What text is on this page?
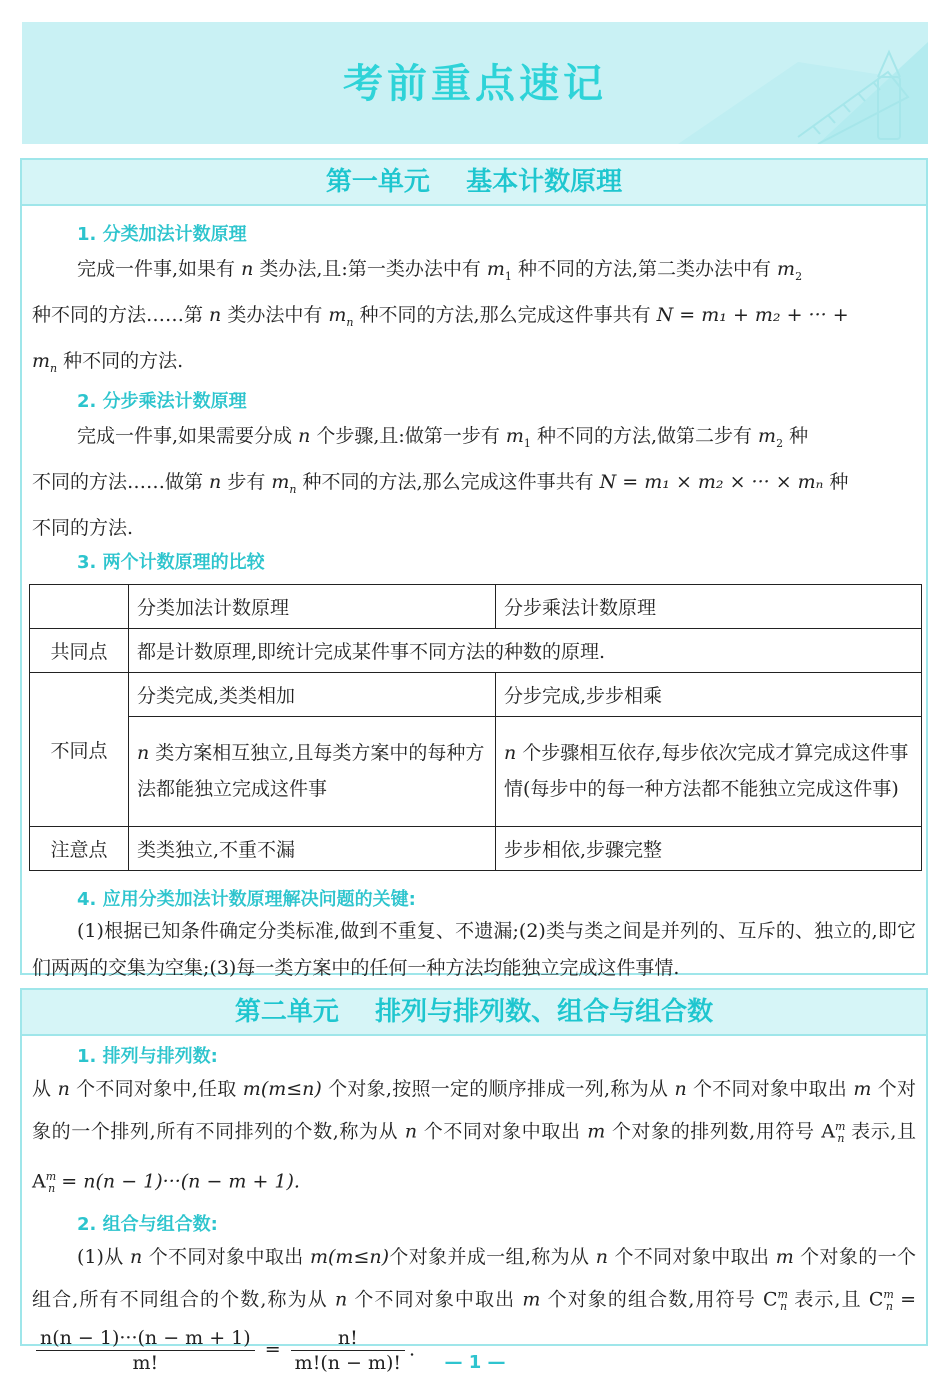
考前重点速记
第一单元    基本计数原理
1. 分类加法计数原理
完成一件事,如果有 n 类办法,且:第一类办法中有 $m_1$ 种不同的方法,第二类办法中有 $m_2$
种不同的方法……第 n 类办法中有 $m_n$ 种不同的方法,那么完成这件事共有 N = m₁ + m₂ + ··· +
$m_n$ 种不同的方法.
2. 分步乘法计数原理
完成一件事,如果需要分成 n 个步骤,且:做第一步有 $m_1$ 种不同的方法,做第二步有 $m_2$ 种
不同的方法……做第 n 步有 $m_n$ 种不同的方法,那么完成这件事共有 N = m₁ × m₂ × ··· × mₙ 种
不同的方法.
3. 两个计数原理的比较
	分类加法计数原理	分步乘法计数原理
共同点	都是计数原理,即统计完成某件事不同方法的种数的原理.	
不同点	分类完成,类类相加	分步完成,步步相乘
	n 类方案相互独立,且每类方案中的每种方法都能独立完成这件事	n 个步骤相互依存,每步依次完成才算完成这件事情(每步中的每一种方法都不能独立完成这件事)
注意点	类类独立,不重不漏	步步相依,步骤完整
4. 应用分类加法计数原理解决问题的关键:
(1)根据已知条件确定分类标准,做到不重复、不遗漏;(2)类与类之间是并列的、互斥的、独立的,即它们两两的交集为空集;(3)每一类方案中的任何一种方法均能独立完成这件事情.
第二单元    排列与排列数、组合与组合数
1. 排列与排列数:
从 n 个不同对象中,任取 m(m≤n) 个对象,按照一定的顺序排成一列,称为从 n 个不同对象中取出 m 个对象的一个排列,所有不同排列的个数,称为从 n 个不同对象中取出 m 个对象的排列数,用符号 $A^m_n$ 表示,且 $A^m_n = n(n - 1)\cdot\cdot\cdot(n - m + 1)$.
2. 组合与组合数:
(1)从 n 个不同对象中取出 m(m≤n)个对象并成一组,称为从 n 个不同对象中取出 m 个对象的一个组合,所有不同组合的个数,称为从 n 个不同对象中取出 m 个对象的组合数,用符号 $C^m_n$ 表示,且 $C^m_n$ =
$\frac{n(n - 1)\cdot\cdot\cdot(n - m + 1)}{m!} = \frac{n!}{m!(n - m)!}$ .
— 1 —
